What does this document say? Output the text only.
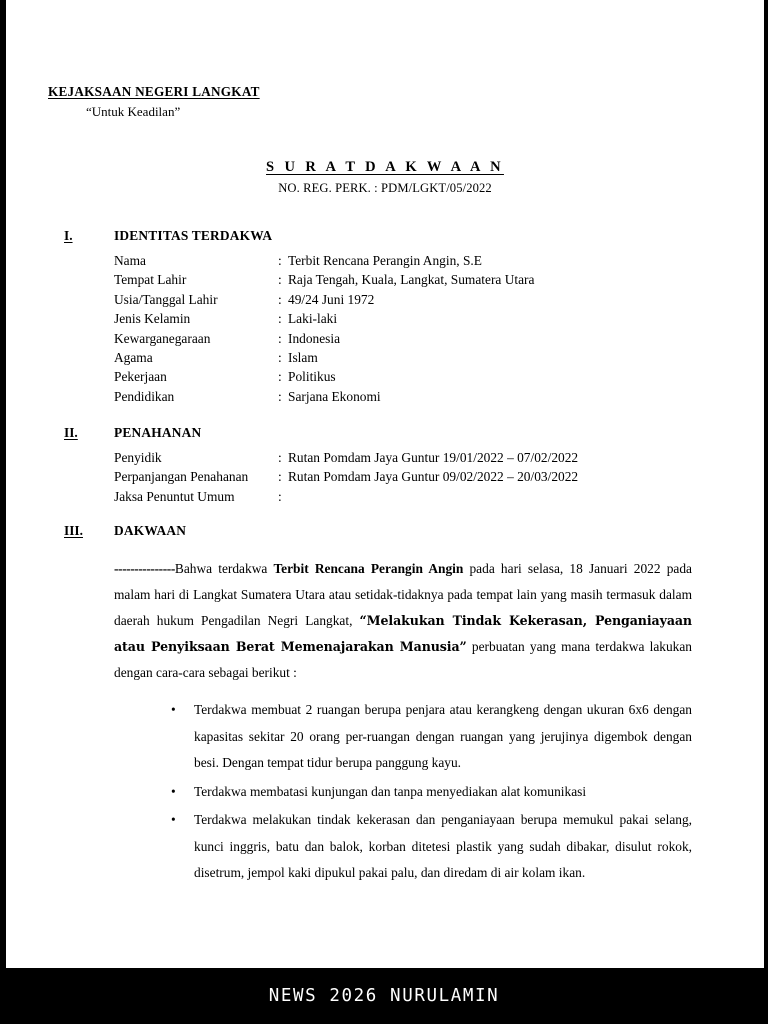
KEJAKSAAN NEGERI LANGKAT
“Untuk Keadilan”
S U R A T D A K W A A N
NO. REG. PERK. : PDM/LGKT/05/2022
I.	IDENTITAS TERDAKWA
Nama	: Terbit Rencana Perangin Angin, S.E
Tempat Lahir	: Raja Tengah, Kuala, Langkat, Sumatera Utara
Usia/Tanggal Lahir	: 49/24 Juni 1972
Jenis Kelamin	: Laki-laki
Kewarganegaraan	: Indonesia
Agama	: Islam
Pekerjaan	: Politikus
Pendidikan	: Sarjana Ekonomi
II.	PENAHANAN
Penyidik	: Rutan Pomdam Jaya Guntur 19/01/2022 – 07/02/2022
Perpanjangan Penahanan : Rutan Pomdam Jaya Guntur 09/02/2022 – 20/03/2022
Jaksa Penuntut Umum	:
III. DAKWAAN
---------------Bahwa terdakwa Terbit Rencana Perangin Angin pada hari selasa, 18 Januari 2022 pada malam hari di Langkat Sumatera Utara atau setidak-tidaknya pada tempat lain yang masih termasuk dalam daerah hukum Pengadilan Negri Langkat, “Melakukan Tindak Kekerasan, Penganiayaan atau Penyiksaan Berat Memenajarakan Manusia” perbuatan yang mana terdakwa lakukan dengan cara-cara sebagai berikut :
• Terdakwa membuat 2 ruangan berupa penjara atau kerangkeng dengan ukuran 6x6 dengan kapasitas sekitar 20 orang per-ruangan dengan ruangan yang jerujinya digembok dengan besi. Dengan tempat tidur berupa panggung kayu.
• Terdakwa membatasi kunjungan dan tanpa menyediakan alat komunikasi
• Terdakwa melakukan tindak kekerasan dan penganiayaan berupa memukul pakai selang, kunci inggris, batu dan balok, korban ditetesi plastik yang sudah dibakar, disulut rokok, disetrum, jempol kaki dipukul pakai palu, dan diredam di air kolam ikan.
NEWS 2026 NURULAMIN
